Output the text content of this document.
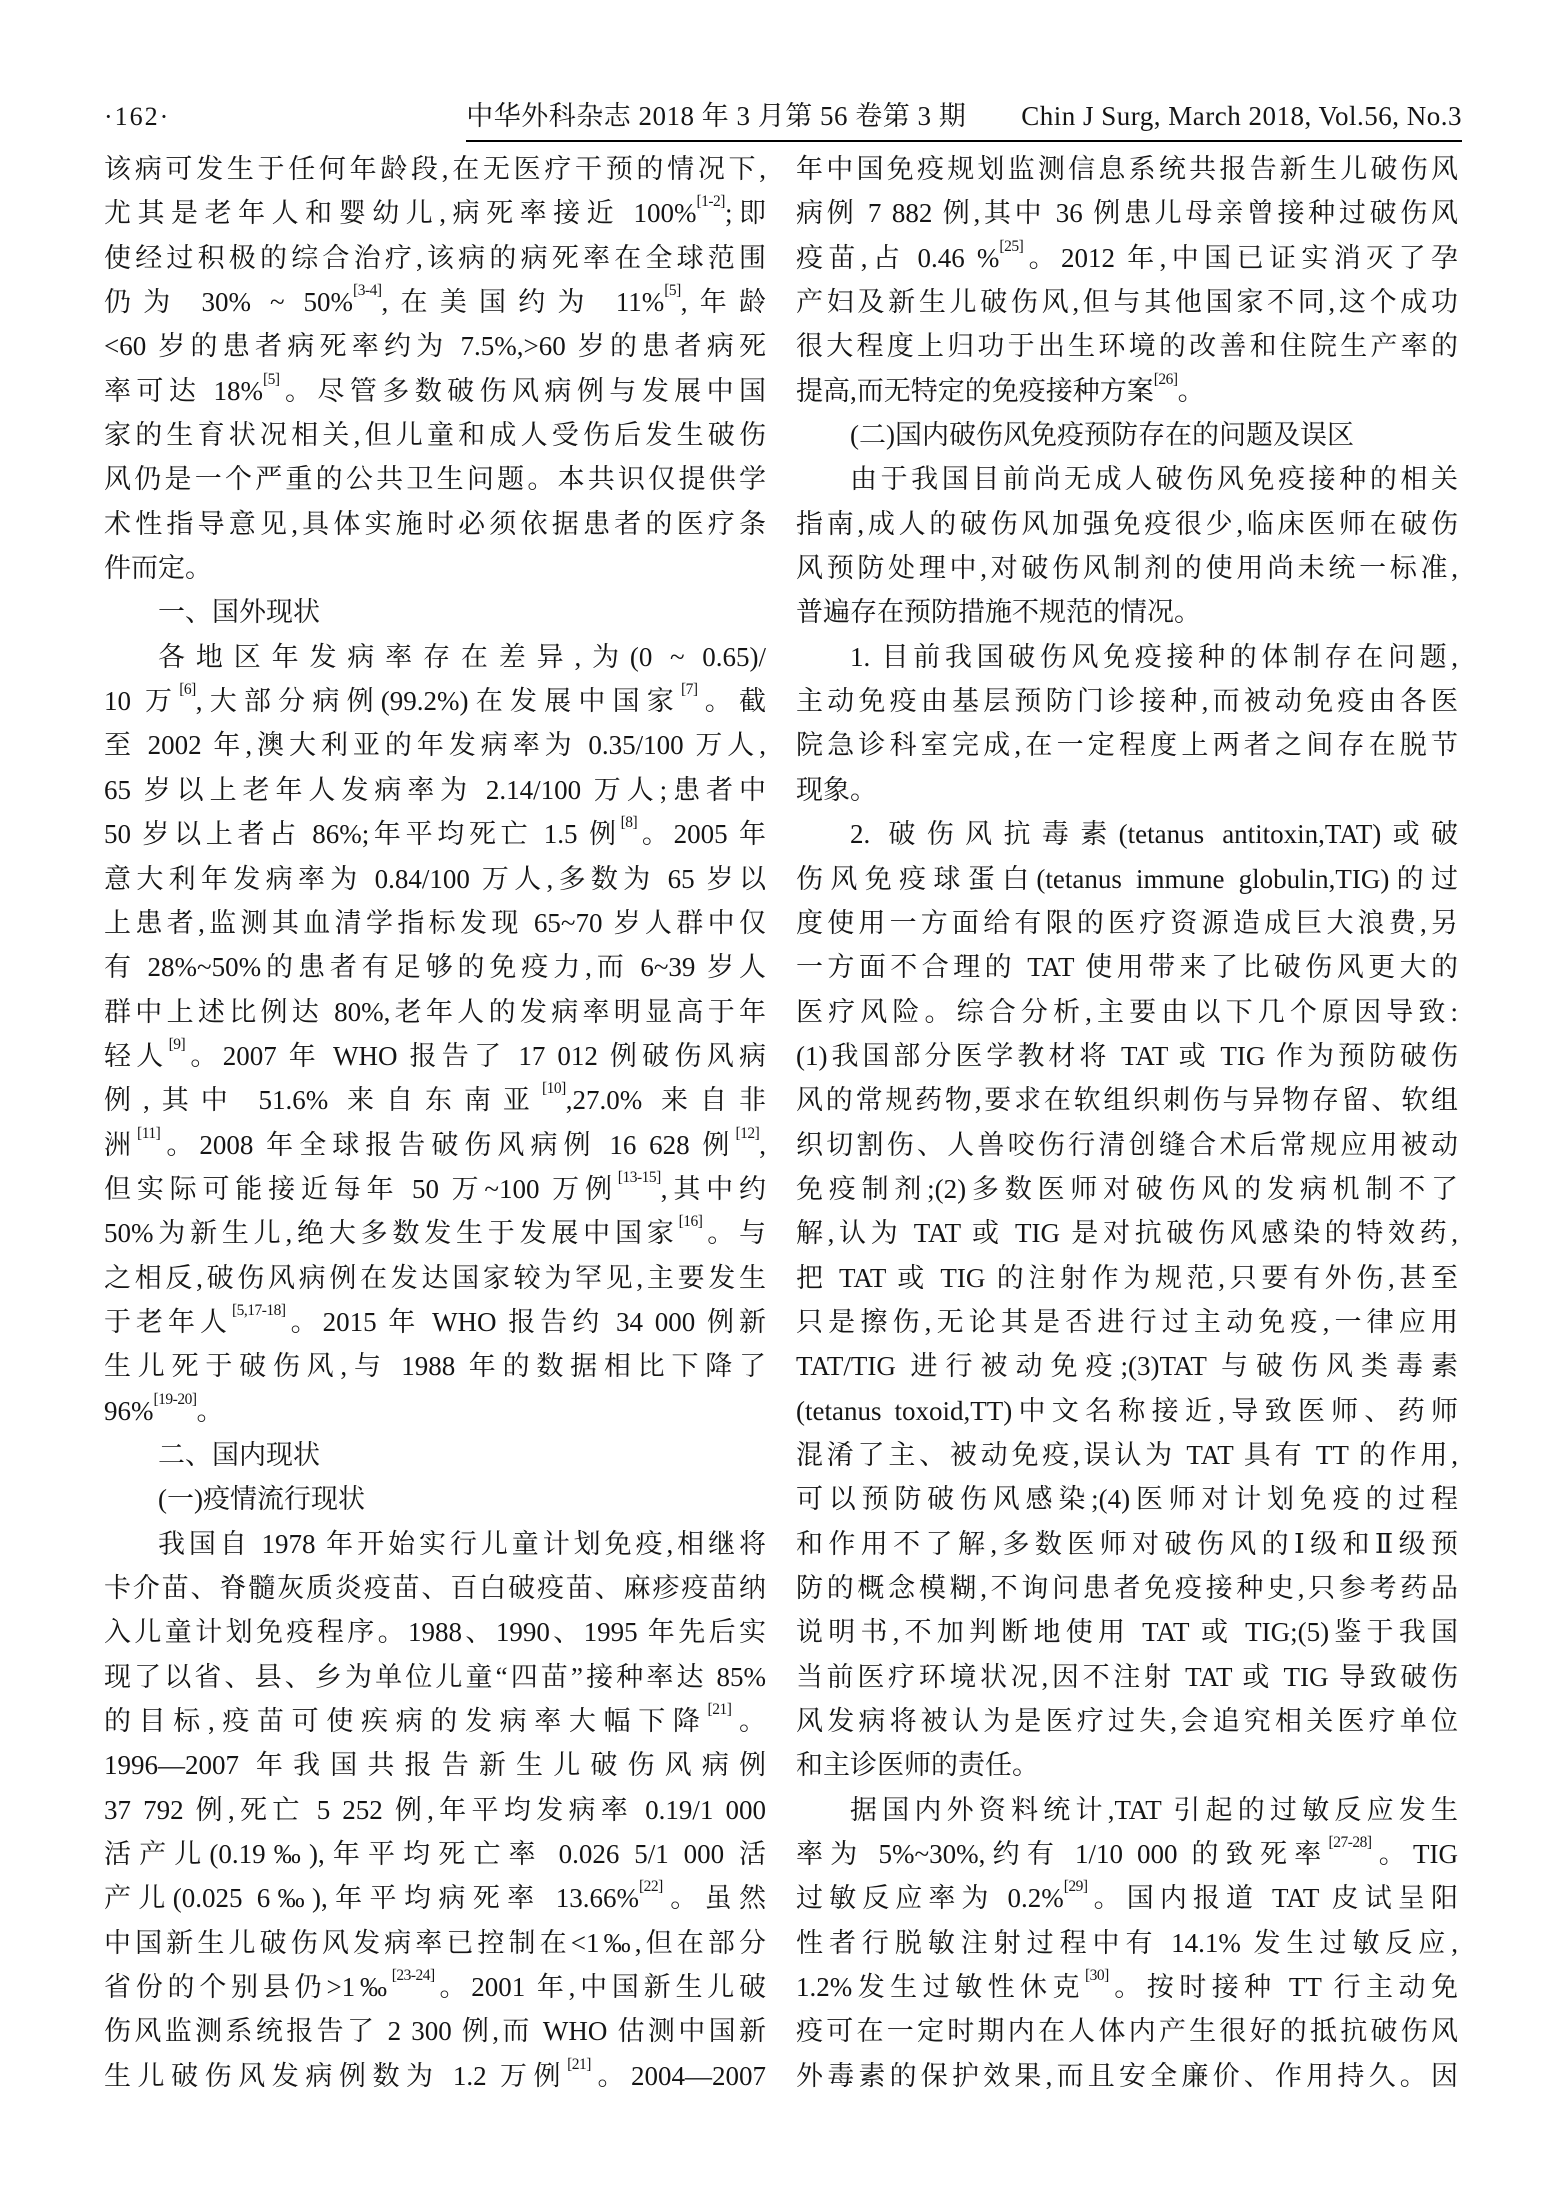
·162·	中华外科杂志 2018 年 3 月第 56 卷第 3 期　　Chin J Surg, March 2018, Vol.56, No.3
该病可发生于任何年龄段,在无医疗干预的情况下,
尤其是老年人和婴幼儿,病死率接近 100%[1-2];即
使经过积极的综合治疗,该病的病死率在全球范围
仍为 30% ~ 50%[3-4],在美国约为 11%[5],年龄
<60 岁的患者病死率约为 7.5%,>60 岁的患者病死
率可达 18%[5]。尽管多数破伤风病例与发展中国
家的生育状况相关,但儿童和成人受伤后发生破伤
风仍是一个严重的公共卫生问题。本共识仅提供学
术性指导意见,具体实施时必须依据患者的医疗条
件而定。
一、国外现状
各地区年发病率存在差异,为(0 ~ 0.65)/
10 万[6],大部分病例(99.2%)在发展中国家[7]。截
至 2002 年,澳大利亚的年发病率为 0.35/100 万人,
65 岁以上老年人发病率为 2.14/100 万人;患者中
50 岁以上者占 86%;年平均死亡 1.5 例[8]。2005 年
意大利年发病率为 0.84/100 万人,多数为 65 岁以
上患者,监测其血清学指标发现 65~70 岁人群中仅
有 28%~50%的患者有足够的免疫力,而 6~39 岁人
群中上述比例达 80%,老年人的发病率明显高于年
轻人[9]。2007 年 WHO 报告了 17 012 例破伤风病
例,其中 51.6% 来自东南亚[10],27.0% 来自非
洲[11]。2008 年全球报告破伤风病例 16 628 例[12],
但实际可能接近每年 50 万~100 万例[13-15],其中约
50%为新生儿,绝大多数发生于发展中国家[16]。与
之相反,破伤风病例在发达国家较为罕见,主要发生
于老年人[5,17-18]。2015 年 WHO 报告约 34 000 例新
生儿死于破伤风,与 1988 年的数据相比下降了
96%[19-20]。
二、国内现状
(一)疫情流行现状
我国自 1978 年开始实行儿童计划免疫,相继将
卡介苗、脊髓灰质炎疫苗、百白破疫苗、麻疹疫苗纳
入儿童计划免疫程序。1988、1990、1995 年先后实
现了以省、县、乡为单位儿童“四苗”接种率达 85%
的目标,疫苗可使疾病的发病率大幅下降[21]。
1996—2007 年我国共报告新生儿破伤风病例
37 792 例,死亡 5 252 例,年平均发病率 0.19/1 000
活产儿(0.19‰),年平均死亡率 0.026 5/1 000 活
产儿(0.025 6‰),年平均病死率 13.66%[22]。虽然
中国新生儿破伤风发病率已控制在<1‰,但在部分
省份的个别县仍>1‰[23-24]。2001 年,中国新生儿破
伤风监测系统报告了 2 300 例,而 WHO 估测中国新
生儿破伤风发病例数为 1.2 万例[21]。2004—2007
年中国免疫规划监测信息系统共报告新生儿破伤风
病例 7 882 例,其中 36 例患儿母亲曾接种过破伤风
疫苗,占 0.46 %[25]。2012 年,中国已证实消灭了孕
产妇及新生儿破伤风,但与其他国家不同,这个成功
很大程度上归功于出生环境的改善和住院生产率的
提高,而无特定的免疫接种方案[26]。
(二)国内破伤风免疫预防存在的问题及误区
由于我国目前尚无成人破伤风免疫接种的相关
指南,成人的破伤风加强免疫很少,临床医师在破伤
风预防处理中,对破伤风制剂的使用尚未统一标准,
普遍存在预防措施不规范的情况。
1. 目前我国破伤风免疫接种的体制存在问题,
主动免疫由基层预防门诊接种,而被动免疫由各医
院急诊科室完成,在一定程度上两者之间存在脱节
现象。
2. 破伤风抗毒素(tetanus antitoxin,TAT)或破
伤风免疫球蛋白(tetanus immune globulin,TIG)的过
度使用一方面给有限的医疗资源造成巨大浪费,另
一方面不合理的 TAT 使用带来了比破伤风更大的
医疗风险。综合分析,主要由以下几个原因导致:
(1)我国部分医学教材将 TAT 或 TIG 作为预防破伤
风的常规药物,要求在软组织刺伤与异物存留、软组
织切割伤、人兽咬伤行清创缝合术后常规应用被动
免疫制剂;(2)多数医师对破伤风的发病机制不了
解,认为 TAT 或 TIG 是对抗破伤风感染的特效药,
把 TAT 或 TIG 的注射作为规范,只要有外伤,甚至
只是擦伤,无论其是否进行过主动免疫,一律应用
TAT/TIG 进行被动免疫;(3)TAT 与破伤风类毒素
(tetanus toxoid,TT)中文名称接近,导致医师、药师
混淆了主、被动免疫,误认为 TAT 具有 TT 的作用,
可以预防破伤风感染;(4)医师对计划免疫的过程
和作用不了解,多数医师对破伤风的Ⅰ级和Ⅱ级预
防的概念模糊,不询问患者免疫接种史,只参考药品
说明书,不加判断地使用 TAT 或 TIG;(5)鉴于我国
当前医疗环境状况,因不注射 TAT 或 TIG 导致破伤
风发病将被认为是医疗过失,会追究相关医疗单位
和主诊医师的责任。
据国内外资料统计,TAT 引起的过敏反应发生
率为 5%~30%,约有 1/10 000 的致死率[27-28]。TIG
过敏反应率为 0.2%[29]。国内报道 TAT 皮试呈阳
性者行脱敏注射过程中有 14.1% 发生过敏反应,
1.2%发生过敏性休克[30]。按时接种 TT 行主动免
疫可在一定时期内在人体内产生很好的抵抗破伤风
外毒素的保护效果,而且安全廉价、作用持久。因
